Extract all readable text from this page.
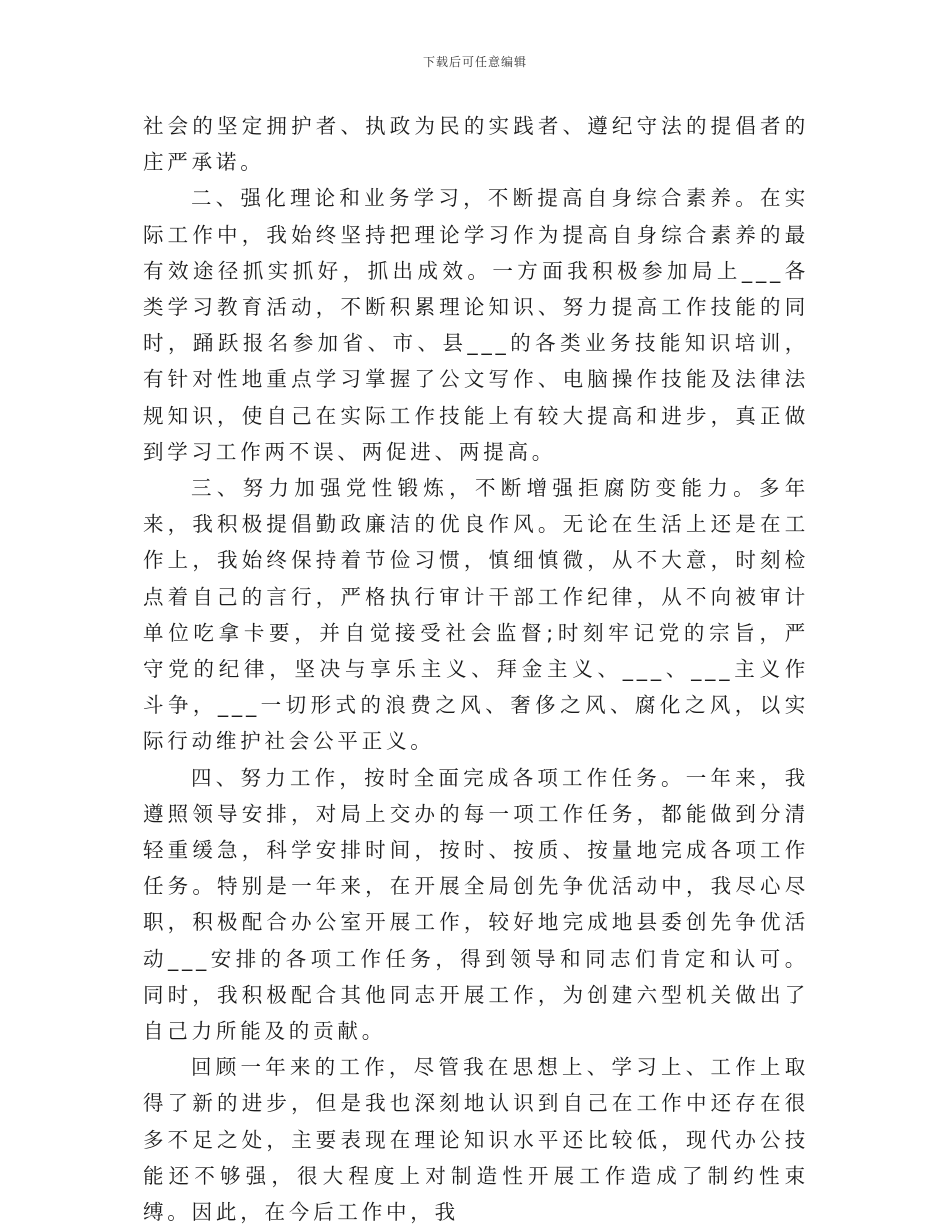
下载后可任意编辑

社会的坚定拥护者、执政为民的实践者、遵纪守法的提倡者的庄严承诺。

二、强化理论和业务学习，不断提高自身综合素养。在实际工作中，我始终坚持把理论学习作为提高自身综合素养的最有效途径抓实抓好，抓出成效。一方面我积极参加局上___各类学习教育活动，不断积累理论知识、努力提高工作技能的同时，踊跃报名参加省、市、县___的各类业务技能知识培训，有针对性地重点学习掌握了公文写作、电脑操作技能及法律法规知识，使自己在实际工作技能上有较大提高和进步，真正做到学习工作两不误、两促进、两提高。

三、努力加强党性锻炼，不断增强拒腐防变能力。多年来，我积极提倡勤政廉洁的优良作风。无论在生活上还是在工作上，我始终保持着节俭习惯，慎细慎微，从不大意，时刻检点着自己的言行，严格执行审计干部工作纪律，从不向被审计单位吃拿卡要，并自觉接受社会监督;时刻牢记党的宗旨，严守党的纪律，坚决与享乐主义、拜金主义、___、___主义作斗争，___一切形式的浪费之风、奢侈之风、腐化之风，以实际行动维护社会公平正义。

四、努力工作，按时全面完成各项工作任务。一年来，我遵照领导安排，对局上交办的每一项工作任务，都能做到分清轻重缓急，科学安排时间，按时、按质、按量地完成各项工作任务。特别是一年来，在开展全局创先争优活动中，我尽心尽职，积极配合办公室开展工作，较好地完成地县委创先争优活动___安排的各项工作任务，得到领导和同志们肯定和认可。同时，我积极配合其他同志开展工作，为创建六型机关做出了自己力所能及的贡献。

回顾一年来的工作，尽管我在思想上、学习上、工作上取得了新的进步，但是我也深刻地认识到自己在工作中还存在很多不足之处，主要表现在理论知识水平还比较低，现代办公技能还不够强，很大程度上对制造性开展工作造成了制约性束缚。因此，在今后工作中，我
